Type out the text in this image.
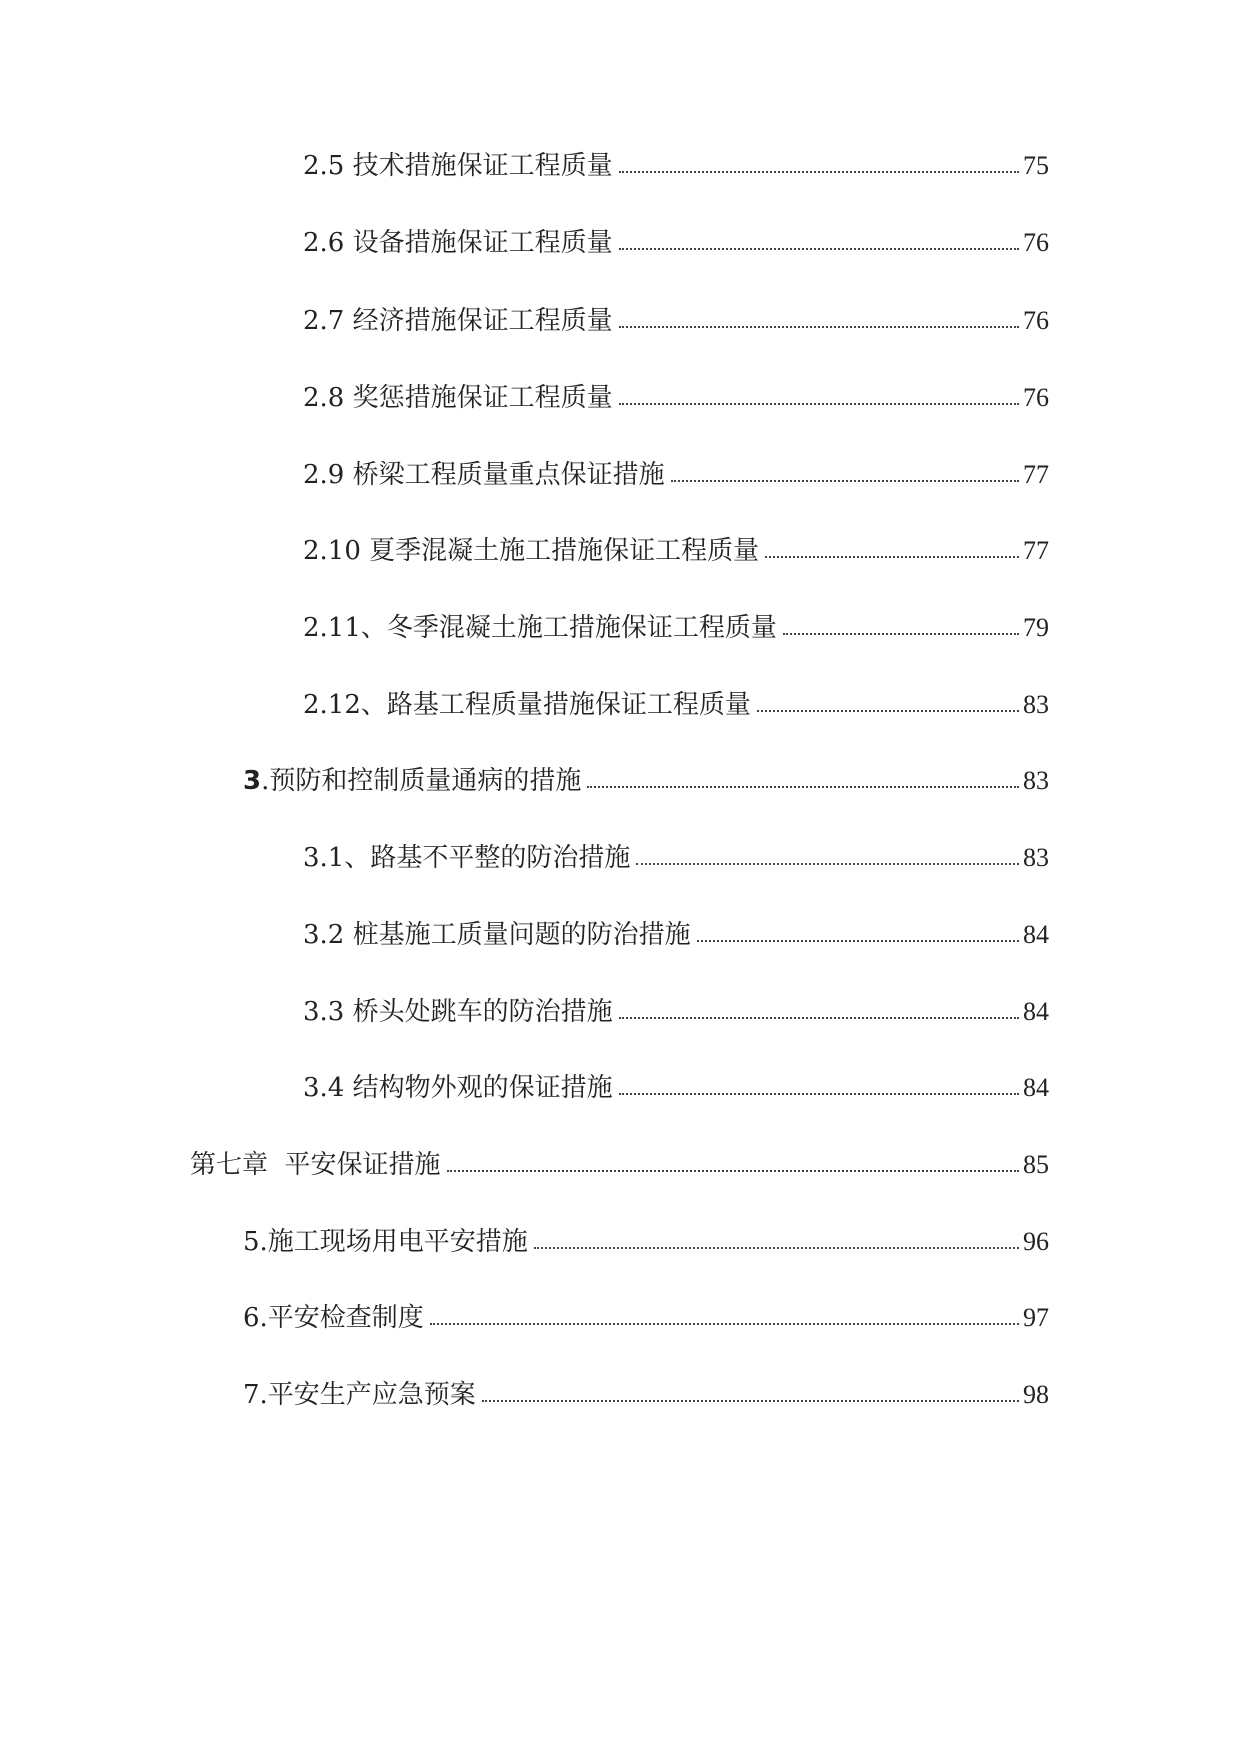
2.5 技术措施保证工程质量	75
2.6 设备措施保证工程质量	76
2.7 经济措施保证工程质量	76
2.8 奖惩措施保证工程质量	76
2.9 桥梁工程质量重点保证措施	77
2.10 夏季混凝土施工措施保证工程质量	77
2.11、冬季混凝土施工措施保证工程质量	79
2.12、路基工程质量措施保证工程质量	83
3.预防和控制质量通病的措施	83
3.1、路基不平整的防治措施	83
3.2 桩基施工质量问题的防治措施	84
3.3 桥头处跳车的防治措施	84
3.4 结构物外观的保证措施	84
第七章  平安保证措施	85
5.施工现场用电平安措施	96
6.平安检查制度	97
7.平安生产应急预案	98
